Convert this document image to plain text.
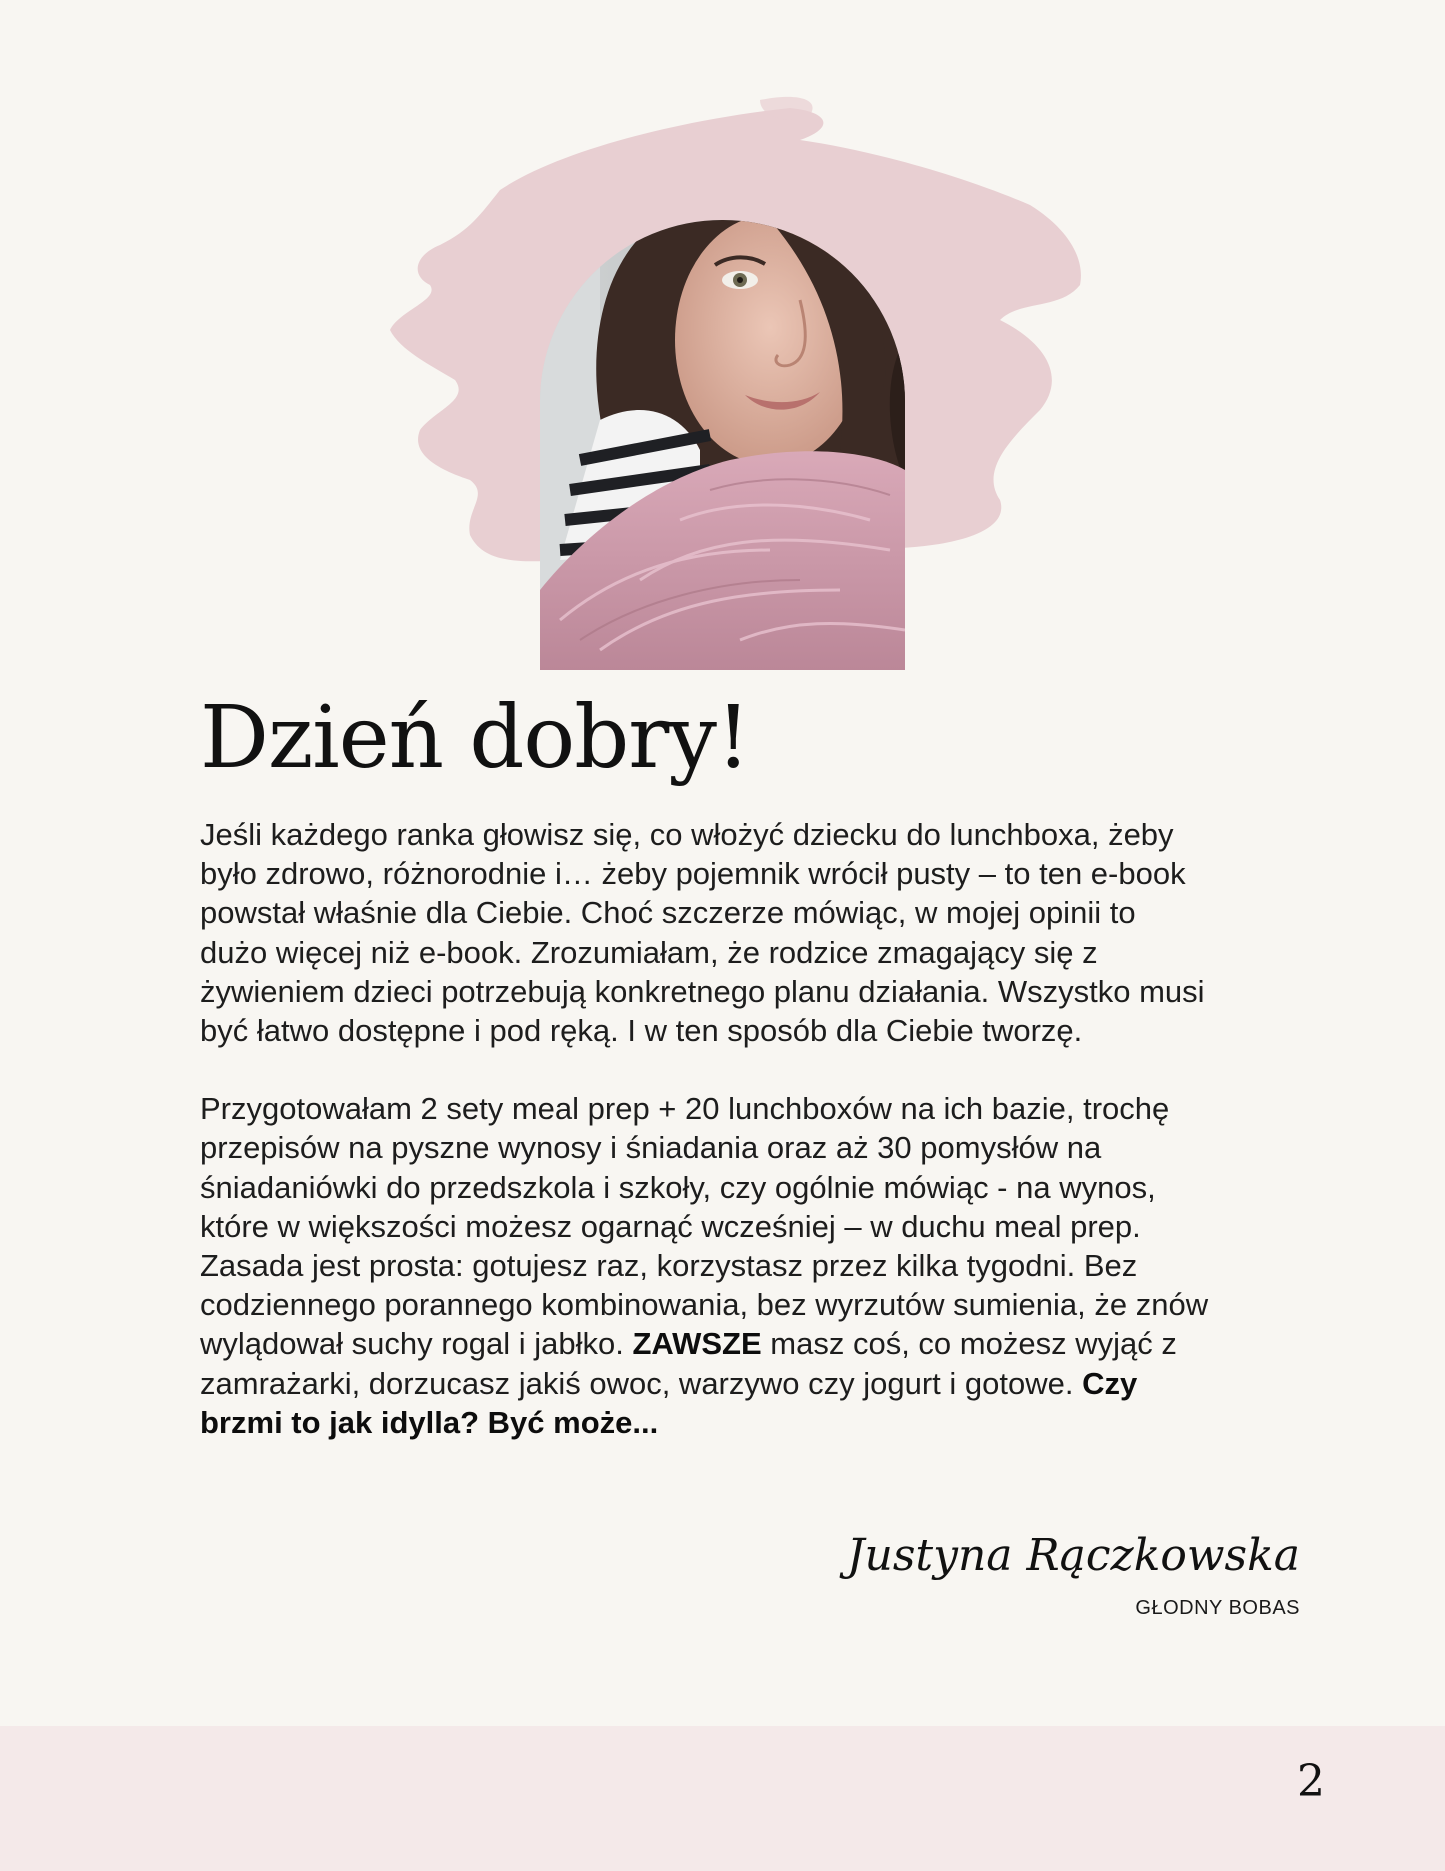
Dzień dobry!

Jeśli każdego ranka głowisz się, co włożyć dziecku do lunchboxa, żeby było zdrowo, różnorodnie i… żeby pojemnik wrócił pusty – to ten e-book powstał właśnie dla Ciebie. Choć szczerze mówiąc, w mojej opinii to dużo więcej niż e-book. Zrozumiałam, że rodzice zmagający się z żywieniem dzieci potrzebują konkretnego planu działania. Wszystko musi być łatwo dostępne i pod ręką. I w ten sposób dla Ciebie tworzę.

Przygotowałam 2 sety meal prep + 20 lunchboxów na ich bazie, trochę przepisów na pyszne wynosy i śniadania oraz aż 30 pomysłów na śniadaniówki do przedszkola i szkoły, czy ogólnie mówiąc - na wynos, które w większości możesz ogarnąć wcześniej – w duchu meal prep. Zasada jest prosta: gotujesz raz, korzystasz przez kilka tygodni. Bez codziennego porannego kombinowania, bez wyrzutów sumienia, że znów wylądował suchy rogal i jabłko. ZAWSZE masz coś, co możesz wyjąć z zamrażarki, dorzucasz jakiś owoc, warzywo czy jogurt i gotowe. Czy brzmi to jak idylla? Być może...

Justyna Rączkowska
GŁODNY BOBAS
2
